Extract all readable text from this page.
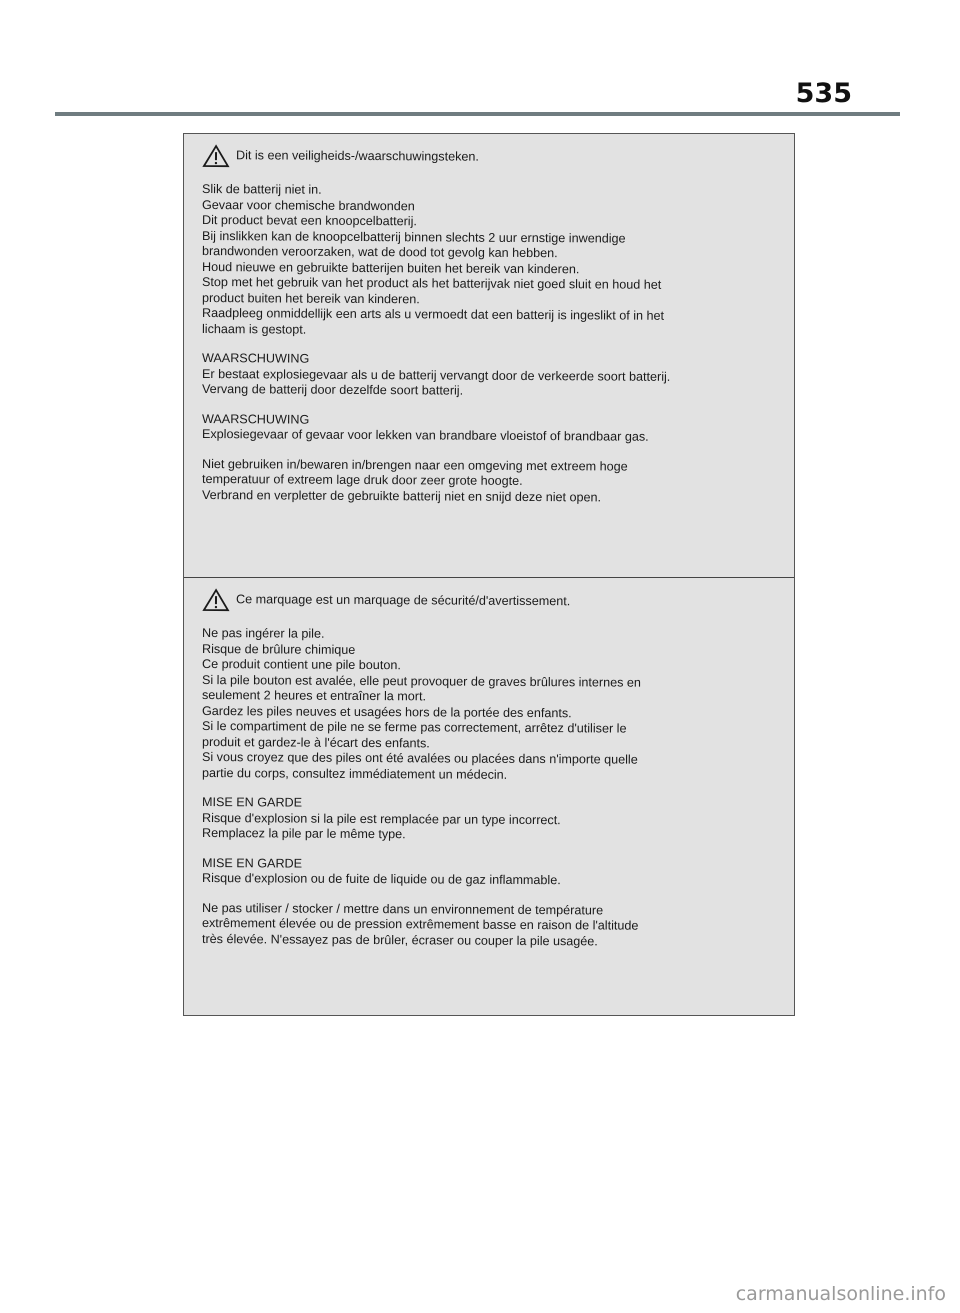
535
Dit is een veiligheids-/waarschuwingsteken.
Slik de batterij niet in.
Gevaar voor chemische brandwonden
Dit product bevat een knoopcelbatterij.
Bij inslikken kan de knoopcelbatterij binnen slechts 2 uur ernstige inwendige
brandwonden veroorzaken, wat de dood tot gevolg kan hebben.
Houd nieuwe en gebruikte batterijen buiten het bereik van kinderen.
Stop met het gebruik van het product als het batterijvak niet goed sluit en houd het
product buiten het bereik van kinderen.
Raadpleeg onmiddellijk een arts als u vermoedt dat een batterij is ingeslikt of in het
lichaam is gestopt.
WAARSCHUWING
Er bestaat explosiegevaar als u de batterij vervangt door de verkeerde soort batterij.
Vervang de batterij door dezelfde soort batterij.
WAARSCHUWING
Explosiegevaar of gevaar voor lekken van brandbare vloeistof of brandbaar gas.
Niet gebruiken in/bewaren in/brengen naar een omgeving met extreem hoge
temperatuur of extreem lage druk door zeer grote hoogte.
Verbrand en verpletter de gebruikte batterij niet en snijd deze niet open.
Ce marquage est un marquage de sécurité/d'avertissement.
Ne pas ingérer la pile.
Risque de brûlure chimique
Ce produit contient une pile bouton.
Si la pile bouton est avalée, elle peut provoquer de graves brûlures internes en
seulement 2 heures et entraîner la mort.
Gardez les piles neuves et usagées hors de la portée des enfants.
Si le compartiment de pile ne se ferme pas correctement, arrêtez d'utiliser le
produit et gardez-le à l'écart des enfants.
Si vous croyez que des piles ont été avalées ou placées dans n'importe quelle
partie du corps, consultez immédiatement un médecin.
MISE EN GARDE
Risque d'explosion si la pile est remplacée par un type incorrect.
Remplacez la pile par le même type.
MISE EN GARDE
Risque d'explosion ou de fuite de liquide ou de gaz inflammable.
Ne pas utiliser / stocker / mettre dans un environnement de température
extrêmement élevée ou de pression extrêmement basse en raison de l'altitude
très élevée. N'essayez pas de brûler, écraser ou couper la pile usagée.
carmanualsonline.info
